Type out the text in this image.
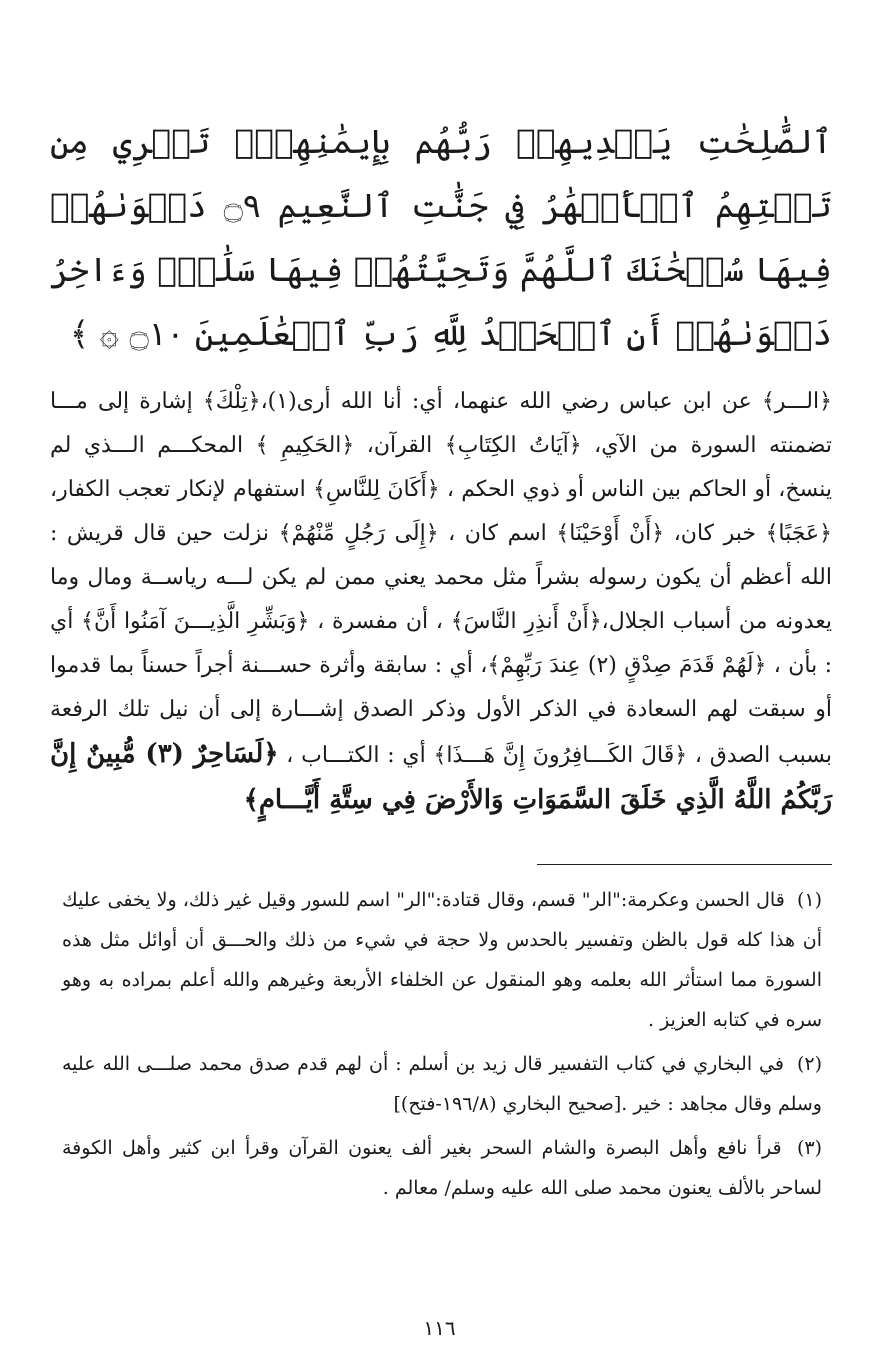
ٱلصَّٰلِحَٰتِ يَهۡدِيهِمۡ رَبُّهُم بِإِيمَٰنِهِمۡۖ تَجۡرِي مِن تَحۡتِهِمُ ٱلۡأَنۡهَٰرُ فِي جَنَّٰتِ ٱلنَّعِيمِ ۝٩ دَعۡوَىٰهُمۡ فِيهَا سُبۡحَٰنَكَ ٱللَّهُمَّ وَتَحِيَّتُهُمۡ فِيهَا سَلَٰمٞۚ وَءَاخِرُ دَعۡوَىٰهُمۡ أَنِ ٱلۡحَمۡدُ لِلَّهِ رَبِّ ٱلۡعَٰلَمِينَ ۝١٠ ۞ ﴾

﴿الـــر﴾ عن ابن عباس رضي الله عنهما، أي: أنا الله أرى(١)،﴿تِلْكَ﴾ إشارة إلى مـــا تضمنته السورة من الآي، ﴿آيَاتُ الكِتَابِ﴾ القرآن، ﴿الحَكِيمِ ﴾ المحكـــم الـــذي لم ينسخ، أو الحاكم بين الناس أو ذوي الحكم ، ﴿أَكَانَ لِلنَّاسِ﴾ استفهام لإنكار تعجب الكفار، ﴿عَجَبًا﴾ خبر كان، ﴿أَنْ أَوْحَيْنَا﴾ اسم كان ، ﴿إِلَى رَجُلٍ مِّنْهُمْ﴾ نزلت حين قال قريش : الله أعظم أن يكون رسوله بشراً مثل محمد يعني ممن لم يكن لـــه رياســة ومال وما يعدونه من أسباب الجلال،﴿أَنْ أَنذِرِ النَّاسَ﴾ ، أن مفسرة ، ﴿وَبَشِّرِ الَّذِيـــنَ آمَنُوا أَنَّ﴾ أي : بأن ، ﴿لَهُمْ قَدَمَ صِدْقٍ (٢) عِندَ رَبِّهِمْ﴾، أي : سابقة وأثرة حســـنة أجراً حسناً بما قدموا أو سبقت لهم السعادة في الذكر الأول وذكر الصدق إشـــارة إلى أن نيل تلك الرفعة بسبب الصدق ، ﴿قَالَ الكَـــافِرُونَ إِنَّ هَـــذَا﴾ أي : الكتـــاب ، ﴿لَسَاحِرٌ (٣) مُّبِينٌ إِنَّ رَبَّكُمُ اللَّهُ الَّذِي خَلَقَ السَّمَوَاتِ وَالأَرْضَ فِي سِتَّةِ أَيَّـــامٍ﴾

(١) قال الحسن وعكرمة:"الر" قسم، وقال قتادة:"الر" اسم للسور وقيل غير ذلك، ولا يخفى عليك أن هذا كله قول بالظن وتفسير بالحدس ولا حجة في شيء من ذلك والحـــق أن أوائل مثل هذه السورة مما استأثر الله بعلمه وهو المنقول عن الخلفاء الأربعة وغيرهم والله أعلم بمراده به وهو سره في كتابه العزيز .

(٢) في البخاري في كتاب التفسير قال زيد بن أسلم : أن لهم قدم صدق محمد صلـــى الله عليه وسلم وقال مجاهد : خير .[صحيح البخاري (١٩٦/٨-فتح)]

(٣) قرأ نافع وأهل البصرة والشام السحر بغير ألف يعنون القرآن وقرأ ابن كثير وأهل الكوفة لساحر بالألف يعنون محمد صلى الله عليه وسلم/ معالم .

١١٦
